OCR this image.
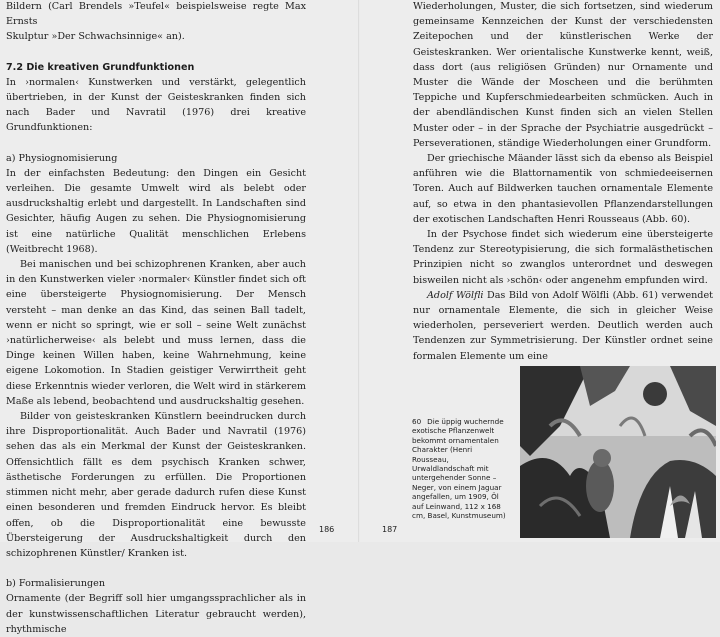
Bildern (Carl Brendels »Teufel« beispielsweise regte Max Ernsts

Skulptur »Der Schwachsinnige« an).

7.2 Die kreativen Grundfunktionen

In ›normalen‹ Kunstwerken und verstärkt, gelegentlich übertrieben, in der Kunst der Geisteskranken finden sich nach Bader und Navratil (1976) drei kreative Grundfunktionen:

a) Physiognomisierung

In der einfachsten Bedeutung: den Dingen ein Gesicht verleihen. Die gesamte Umwelt wird als belebt oder ausdruckshaltig erlebt und dargestellt. In Landschaften sind Gesichter, häufig Augen zu sehen. Die Physiognomisierung ist eine natürliche Qualität menschlichen Erlebens (Weitbrecht 1968).

Bei manischen und bei schizophrenen Kranken, aber auch in den Kunstwerken vieler ›normaler‹ Künstler findet sich oft eine übersteigerte Physiognomisierung. Der Mensch versteht – man denke an das Kind, das seinen Ball tadelt, wenn er nicht so springt, wie er soll – seine Welt zunächst ›natürlicherweise‹ als belebt und muss lernen, dass die Dinge keinen Willen haben, keine Wahrnehmung, keine eigene Lokomotion. In Stadien geistiger Verwirrtheit geht diese Erkenntnis wieder verloren, die Welt wird in stärkerem Maße als lebend, beobachtend und ausdruckshaltig gesehen.

Bilder von geisteskranken Künstlern beeindrucken durch ihre Disproportionalität. Auch Bader und Navratil (1976) sehen das als ein Merkmal der Kunst der Geisteskranken. Offensichtlich fällt es dem psychisch Kranken schwer, ästhetische Forderungen zu erfüllen. Die Proportionen stimmen nicht mehr, aber gerade dadurch rufen diese Kunst einen besonderen und fremden Eindruck hervor. Es bleibt offen, ob die Disproportionalität eine bewusste Übersteigerung der Ausdruckshaltigkeit durch den schizophrenen Künstler/ Kranken ist.

b) Formalisierungen

Ornamente (der Begriff soll hier umgangssprachlicher als in der kunstwissenschaftlichen Literatur gebraucht werden), rhythmische

186	187

Wiederholungen, Muster, die sich fortsetzen, sind wiederum gemeinsame Kennzeichen der Kunst der verschiedensten Zeitepochen und der künstlerischen Werke der Geisteskranken. Wer orientalische Kunstwerke kennt, weiß, dass dort (aus religiösen Gründen) nur Ornamente und Muster die Wände der Moscheen und die berühmten Teppiche und Kupferschmiedearbeiten schmücken. Auch in der abendländischen Kunst finden sich an vielen Stellen Muster oder – in der Sprache der Psychiatrie ausgedrückt – Perseverationen, ständige Wiederholungen einer Grundform.

Der griechische Mäander lässt sich da ebenso als Beispiel anführen wie die Blattornamentik von schmiedeeisernen Toren. Auch auf Bildwerken tauchen ornamentale Elemente auf, so etwa in den phantasievollen Pflanzendarstellungen der exotischen Landschaften Henri Rousseaus (Abb. 60).

In der Psychose findet sich wiederum eine übersteigerte Tendenz zur Stereotypisierung, die sich formalästhetischen Prinzipien nicht so zwanglos unterordnet und deswegen bisweilen nicht als ›schön‹ oder angenehm empfunden wird.

Adolf Wölfli Das Bild von Adolf Wölfli (Abb. 61) verwendet nur ornamentale Elemente, die sich in gleicher Weise wiederholen, perseveriert werden. Deutlich werden auch Tendenzen zur Symmetrisierung. Der Künstler ordnet seine formalen Elemente um eine

60 Die üppig wuchernde exotische Pflanzenwelt bekommt ornamentalen Charakter (Henri Rousseau, Urwaldlandschaft mit untergehender Sonne – Neger, von einem Jaguar angefallen, um 1909, Öl auf Leinwand, 112 x 168 cm, Basel, Kunstmuseum)
